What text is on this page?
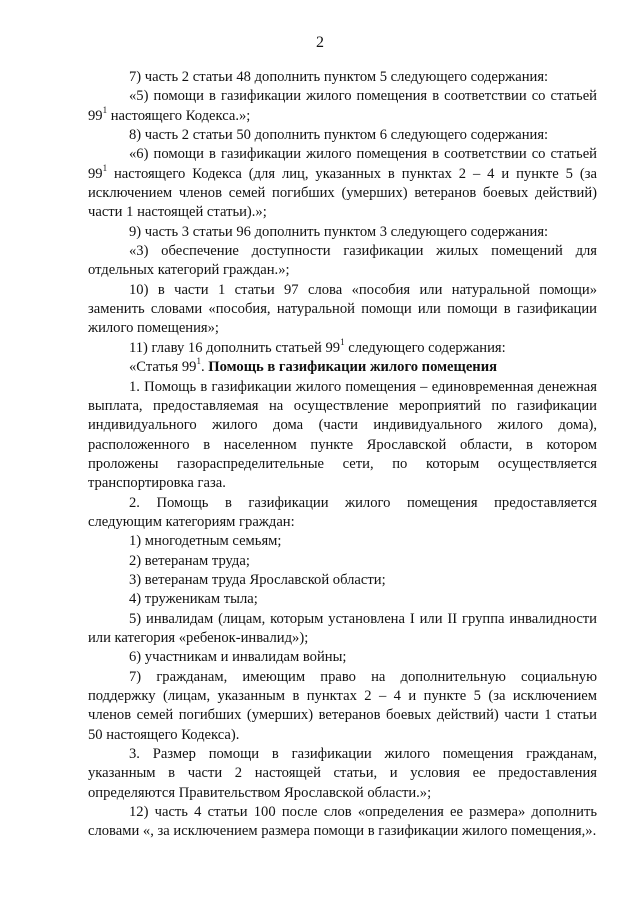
2

7) часть 2 статьи 48 дополнить пунктом 5 следующего содержания:

«5) помощи в газификации жилого помещения в соответствии со статьей $99^1$ настоящего Кодекса.»;

8) часть 2 статьи 50 дополнить пунктом 6 следующего содержания:

«6) помощи в газификации жилого помещения в соответствии со статьей $99^1$ настоящего Кодекса (для лиц, указанных в пунктах 2 – 4 и пункте 5 (за исключением членов семей погибших (умерших) ветеранов боевых действий) части 1 настоящей статьи).»;

9) часть 3 статьи 96 дополнить пунктом 3 следующего содержания:

«3) обеспечение доступности газификации жилых помещений для отдельных категорий граждан.»;

10) в части 1 статьи 97 слова «пособия или натуральной помощи» заменить словами «пособия, натуральной помощи или помощи в газификации жилого помещения»;

11) главу 16 дополнить статьей $99^1$ следующего содержания:

«Статья $99^1$. Помощь в газификации жилого помещения

1. Помощь в газификации жилого помещения – единовременная денежная выплата, предоставляемая на осуществление мероприятий по газификации индивидуального жилого дома (части индивидуального жилого дома), расположенного в населенном пункте Ярославской области, в котором проложены газораспределительные сети, по которым осуществляется транспортировка газа.

2. Помощь в газификации жилого помещения предоставляется следующим категориям граждан:

1) многодетным семьям;

2) ветеранам труда;

3) ветеранам труда Ярославской области;

4) труженикам тыла;

5) инвалидам (лицам, которым установлена I или II группа инвалидности или категория «ребенок-инвалид»);

6) участникам и инвалидам войны;

7) гражданам, имеющим право на дополнительную социальную поддержку (лицам, указанным в пунктах 2 – 4 и пункте 5 (за исключением членов семей погибших (умерших) ветеранов боевых действий) части 1 статьи 50 настоящего Кодекса).

3. Размер помощи в газификации жилого помещения гражданам, указанным в части 2 настоящей статьи, и условия ее предоставления определяются Правительством Ярославской области.»;

12) часть 4 статьи 100 после слов «определения ее размера» дополнить словами «, за исключением размера помощи в газификации жилого помещения,».
